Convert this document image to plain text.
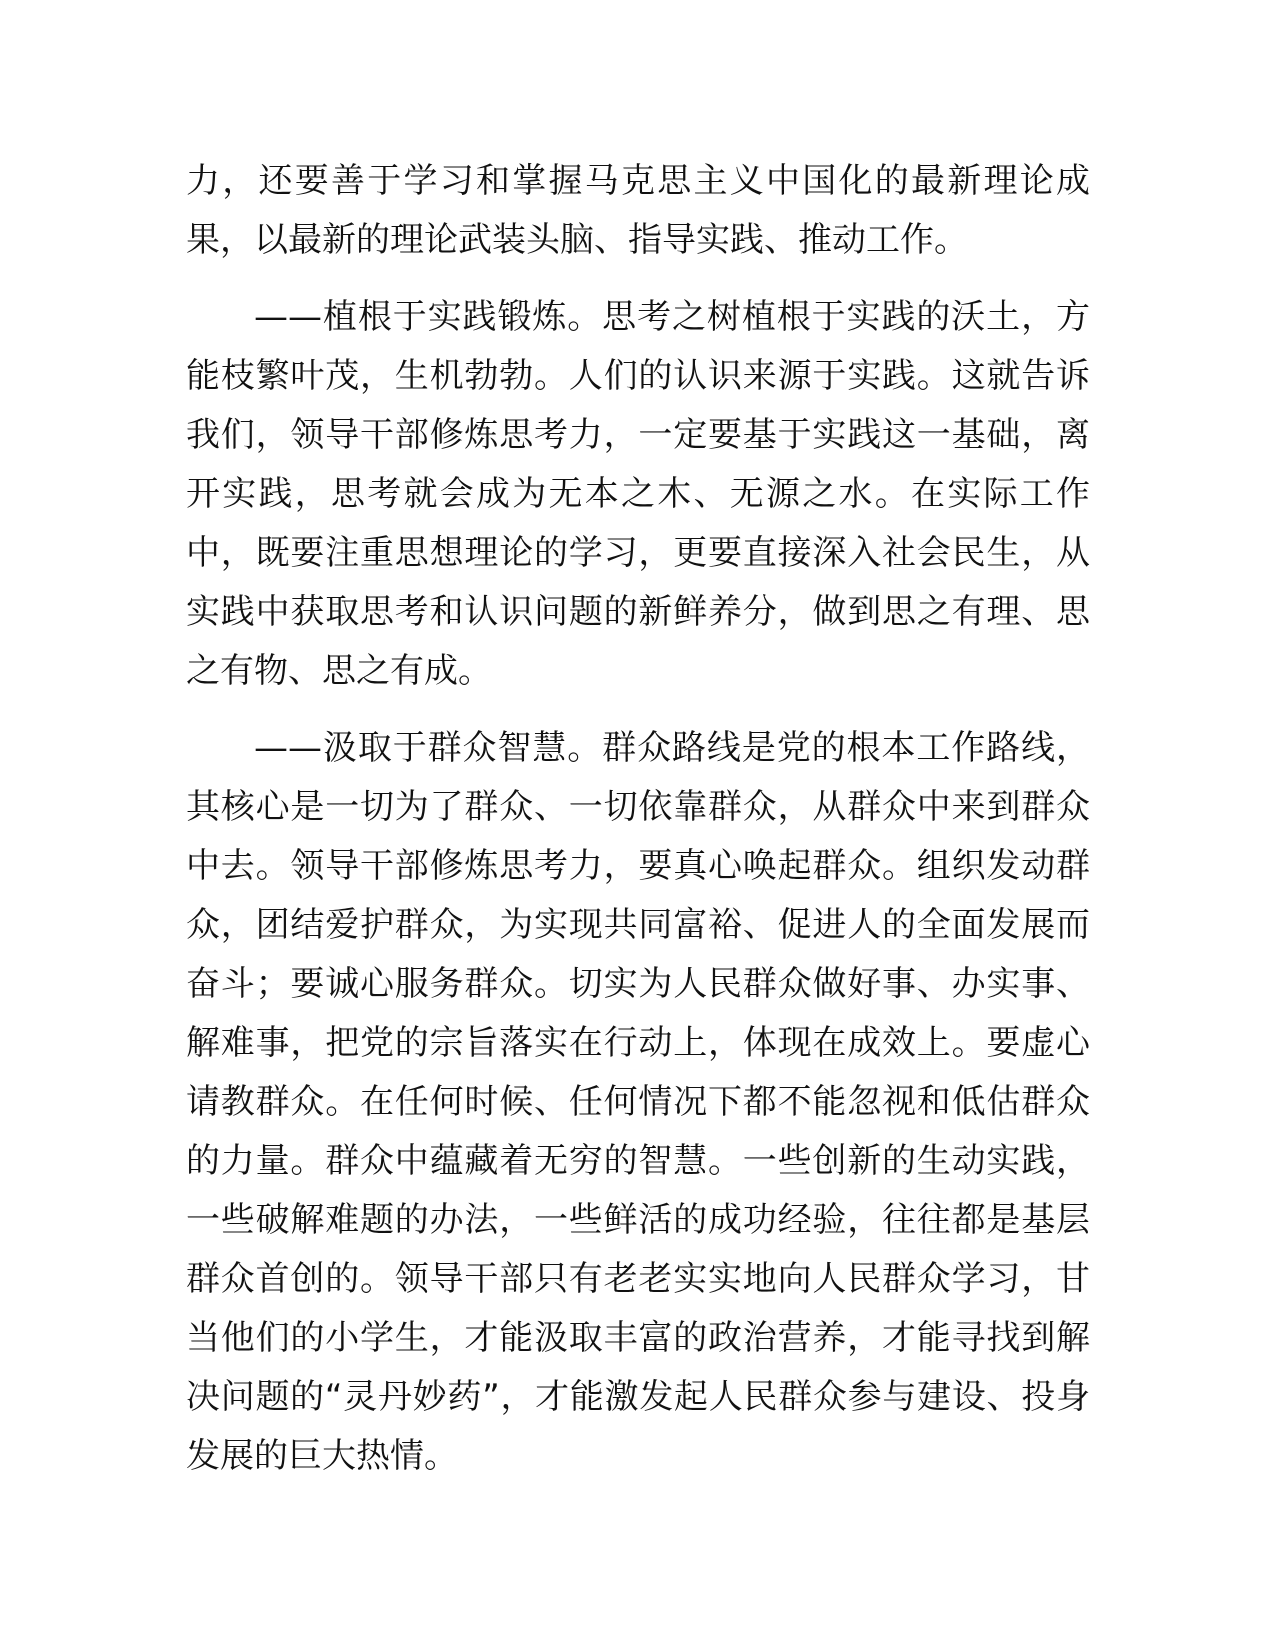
力，还要善于学习和掌握马克思主义中国化的最新理论成果，以最新的理论武装头脑、指导实践、推动工作。

——植根于实践锻炼。思考之树植根于实践的沃土，方能枝繁叶茂，生机勃勃。人们的认识来源于实践。这就告诉我们，领导干部修炼思考力，一定要基于实践这一基础，离开实践，思考就会成为无本之木、无源之水。在实际工作中，既要注重思想理论的学习，更要直接深入社会民生，从实践中获取思考和认识问题的新鲜养分，做到思之有理、思之有物、思之有成。

——汲取于群众智慧。群众路线是党的根本工作路线，其核心是一切为了群众、一切依靠群众，从群众中来到群众中去。领导干部修炼思考力，要真心唤起群众。组织发动群众，团结爱护群众，为实现共同富裕、促进人的全面发展而奋斗；要诚心服务群众。切实为人民群众做好事、办实事、解难事，把党的宗旨落实在行动上，体现在成效上。要虚心请教群众。在任何时候、任何情况下都不能忽视和低估群众的力量。群众中蕴藏着无穷的智慧。一些创新的生动实践，一些破解难题的办法，一些鲜活的成功经验，往往都是基层群众首创的。领导干部只有老老实实地向人民群众学习，甘当他们的小学生，才能汲取丰富的政治营养，才能寻找到解决问题的“灵丹妙药”，才能激发起人民群众参与建设、投身发展的巨大热情。
